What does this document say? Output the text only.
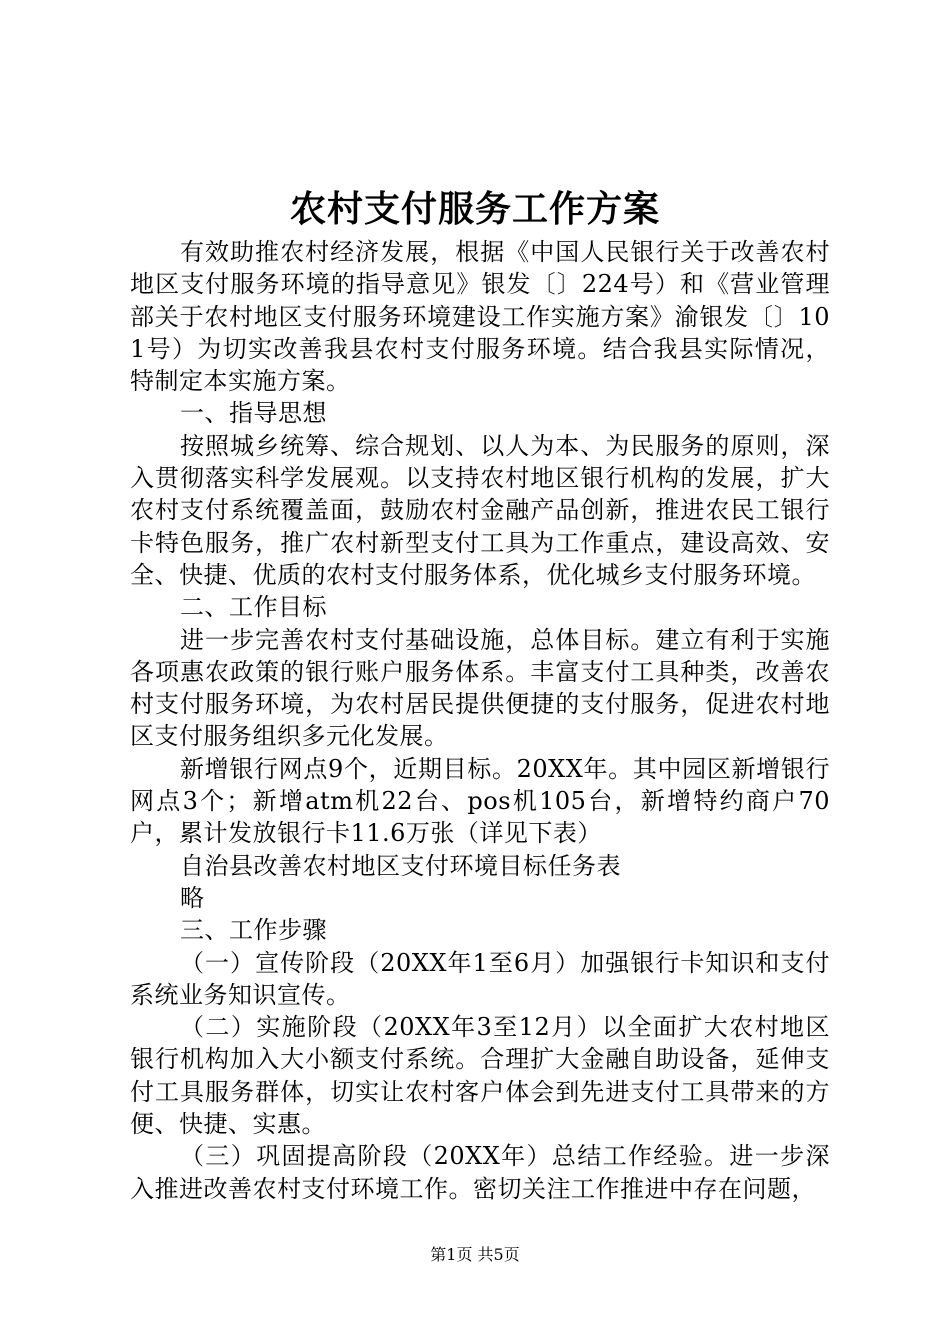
农村支付服务工作方案

有效助推农村经济发展，根据《中国人民银行关于改善农村地区支付服务环境的指导意见》银发〔〕224号）和《营业管理部关于农村地区支付服务环境建设工作实施方案》渝银发〔〕101号）为切实改善我县农村支付服务环境。结合我县实际情况，特制定本实施方案。

一、指导思想

按照城乡统筹、综合规划、以人为本、为民服务的原则，深入贯彻落实科学发展观。以支持农村地区银行机构的发展，扩大农村支付系统覆盖面，鼓励农村金融产品创新，推进农民工银行卡特色服务，推广农村新型支付工具为工作重点，建设高效、安全、快捷、优质的农村支付服务体系，优化城乡支付服务环境。

二、工作目标

进一步完善农村支付基础设施，总体目标。建立有利于实施各项惠农政策的银行账户服务体系。丰富支付工具种类，改善农村支付服务环境，为农村居民提供便捷的支付服务，促进农村地区支付服务组织多元化发展。

新增银行网点9个，近期目标。20XX年。其中园区新增银行网点3个；新增atm机22台、pos机105台，新增特约商户70户，累计发放银行卡11.6万张（详见下表）

自治县改善农村地区支付环境目标任务表

略

三、工作步骤

（一）宣传阶段（20XX年1至6月）加强银行卡知识和支付系统业务知识宣传。

（二）实施阶段（20XX年3至12月）以全面扩大农村地区银行机构加入大小额支付系统。合理扩大金融自助设备，延伸支付工具服务群体，切实让农村客户体会到先进支付工具带来的方便、快捷、实惠。

（三）巩固提高阶段（20XX年）总结工作经验。进一步深入推进改善农村支付环境工作。密切关注工作推进中存在问题，

第1页 共5页
